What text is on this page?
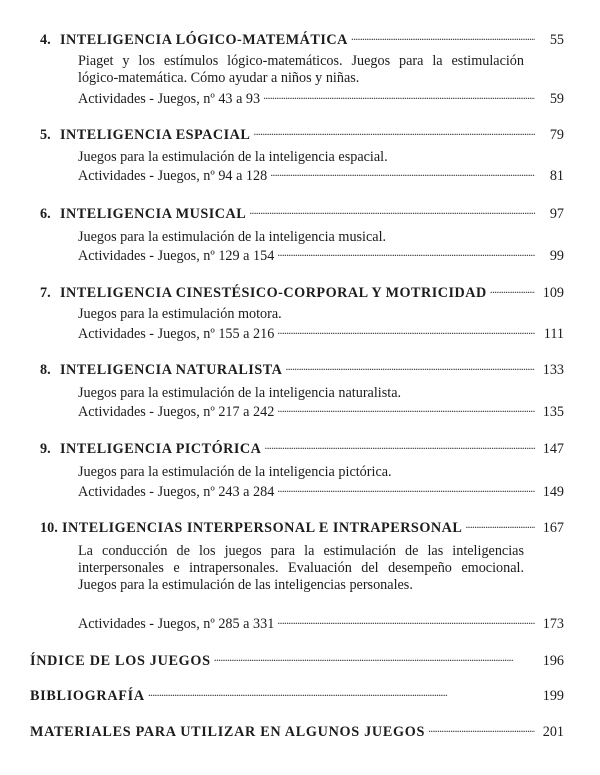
4. INTELIGENCIA LÓGICO-MATEMÁTICA . . .	55
Piaget y los estímulos lógico-matemáticos. Juegos para la estimulación lógico-matemática. Cómo ayudar a niños y niñas.
Actividades - Juegos, nº 43 a 93 . . .	59
5. INTELIGENCIA ESPACIAL . . .	79
Juegos para la estimulación de la inteligencia espacial.
Actividades - Juegos, nº 94 a 128 . . .	81
6. INTELIGENCIA MUSICAL . . .	97
Juegos para la estimulación de la inteligencia musical.
Actividades - Juegos, nº 129 a 154 . . .	99
7. INTELIGENCIA CINESTÉSICO-CORPORAL Y MOTRICIDAD . . .	109
Juegos para la estimulación motora.
Actividades - Juegos, nº 155 a 216 . . .	111
8. INTELIGENCIA NATURALISTA . . .	133
Juegos para la estimulación de la inteligencia naturalista.
Actividades - Juegos, nº 217 a 242 . . .	135
9. INTELIGENCIA PICTÓRICA . . .	147
Juegos para la estimulación de la inteligencia pictórica.
Actividades - Juegos, nº 243 a 284 . . .	149
10. INTELIGENCIAS INTERPERSONAL E INTRAPERSONAL . . .	167
La conducción de los juegos para la estimulación de las inteligencias interpersonales e intrapersonales. Evaluación del desempeño emocional. Juegos para la estimulación de las inteligencias personales.
Actividades - Juegos, nº 285 a 331 . . .	173
ÍNDICE DE LOS JUEGOS . . .	196
BIBLIOGRAFÍA . . .	199
MATERIALES PARA UTILIZAR EN ALGUNOS JUEGOS . . .	201
